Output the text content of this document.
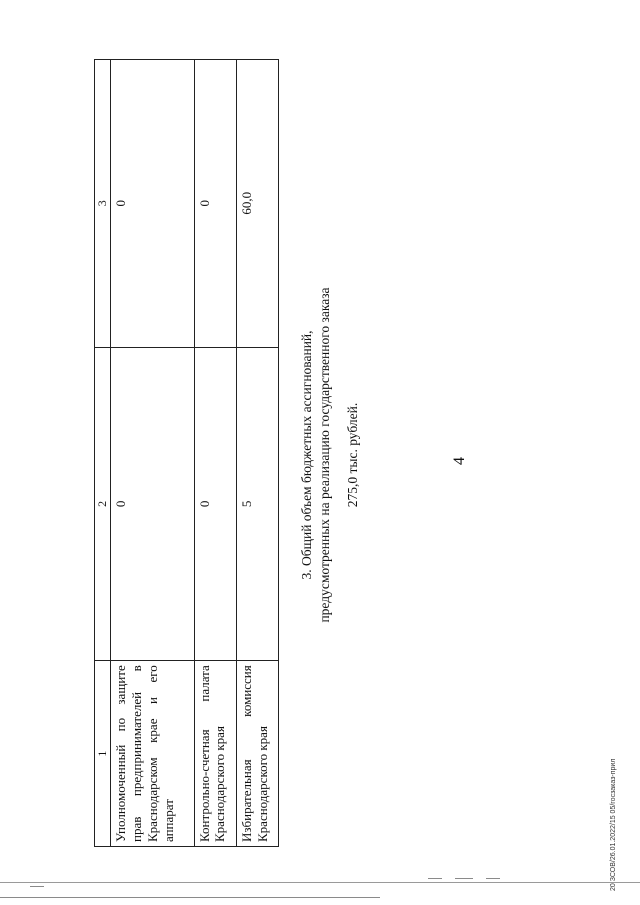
4
1	2	3
Уполномоченный по защите прав предпринимателей в Краснодарском крае и его аппарат	0	0
Контрольно-счетная палата Краснодарского края	0	0
Избирательная комиссия Краснодарского края	5	60,0
3. Общий объем бюджетных ассигнований, предусмотренных на реализацию государственного заказа 275,0 тыс. рублей.
20 ЗСОВ/26.01.2022/15 05/госзаказ-прил
